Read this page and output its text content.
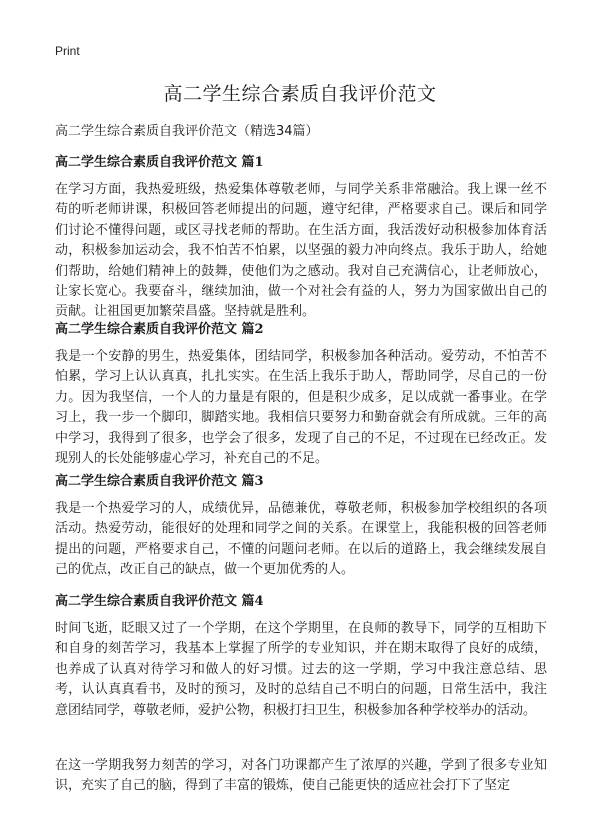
Print
高二学生综合素质自我评价范文
高二学生综合素质自我评价范文（精选34篇）
高二学生综合素质自我评价范文 篇1

在学习方面，我热爱班级，热爱集体尊敬老师，与同学关系非常融洽。我上课一丝不苟的听老师讲课，积极回答老师提出的问题，遵守纪律，严格要求自己。课后和同学们讨论不懂得问题，或区寻找老师的帮助。在生活方面，我活泼好动积极参加体育活动，积极参加运动会，我不怕苦不怕累，以坚强的毅力冲向终点。我乐于助人，给她们帮助，给她们精神上的鼓舞，使他们为之感动。我对自己充满信心，让老师放心，让家长宽心。我要奋斗，继续加油，做一个对社会有益的人，努力为国家做出自己的贡献。让祖国更加繁荣昌盛。坚持就是胜利。

高二学生综合素质自我评价范文 篇2

我是一个安静的男生，热爱集体，团结同学，积极参加各种活动。爱劳动，不怕苦不怕累，学习上认认真真，扎扎实实。在生活上我乐于助人，帮助同学，尽自己的一份力。因为我坚信，一个人的力量是有限的，但是积少成多，足以成就一番事业。在学习上，我一步一个脚印，脚踏实地。我相信只要努力和勤奋就会有所成就。三年的高中学习，我得到了很多，也学会了很多，发现了自己的不足，不过现在已经改正。发现别人的长处能够虚心学习，补充自己的不足。

高二学生综合素质自我评价范文 篇3

我是一个热爱学习的人，成绩优异，品德兼优，尊敬老师，积极参加学校组织的各项活动。热爱劳动，能很好的处理和同学之间的关系。在课堂上，我能积极的回答老师提出的问题，严格要求自己，不懂的问题问老师。在以后的道路上，我会继续发展自己的优点，改正自己的缺点，做一个更加优秀的人。

高二学生综合素质自我评价范文 篇4

时间飞逝，眨眼又过了一个学期，在这个学期里，在良师的教导下，同学的互相助下和自身的刻苦学习，我基本上掌握了所学的专业知识，并在期末取得了良好的成绩，也养成了认真对待学习和做人的好习惯。过去的这一学期，学习中我注意总结、思考，认认真真看书，及时的预习，及时的总结自己不明白的问题，日常生活中，我注意团结同学，尊敬老师，爱护公物，积极打扫卫生，积极参加各种学校举办的活动。

在这一学期我努力刻苦的学习，对各门功课都产生了浓厚的兴趣，学到了很多专业知识，充实了自己的脑，得到了丰富的锻炼，使自己能更快的适应社会打下了坚定
